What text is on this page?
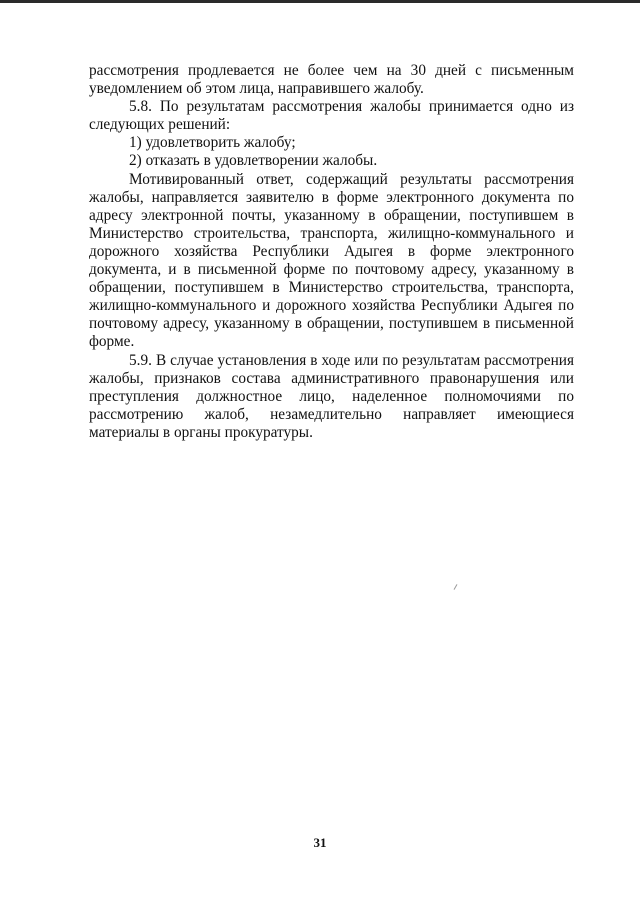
рассмотрения продлевается не более чем на 30 дней с письменным уведомлением об этом лица, направившего жалобу.

5.8. По результатам рассмотрения жалобы принимается одно из следующих решений:

1) удовлетворить жалобу;

2) отказать в удовлетворении жалобы.

Мотивированный ответ, содержащий результаты рассмотрения жалобы, направляется заявителю в форме электронного документа по адресу электронной почты, указанному в обращении, поступившем в Министерство строительства, транспорта, жилищно-коммунального и дорожного хозяйства Республики Адыгея в форме электронного документа, и в письменной форме по почтовому адресу, указанному в обращении, поступившем в Министерство строительства, транспорта, жилищно-коммунального и дорожного хозяйства Республики Адыгея по почтовому адресу, указанному в обращении, поступившем в письменной форме.

5.9. В случае установления в ходе или по результатам рассмотрения жалобы, признаков состава административного правонарушения или преступления должностное лицо, наделенное полномочиями по рассмотрению жалоб, незамедлительно направляет имеющиеся материалы в органы прокуратуры.

31
